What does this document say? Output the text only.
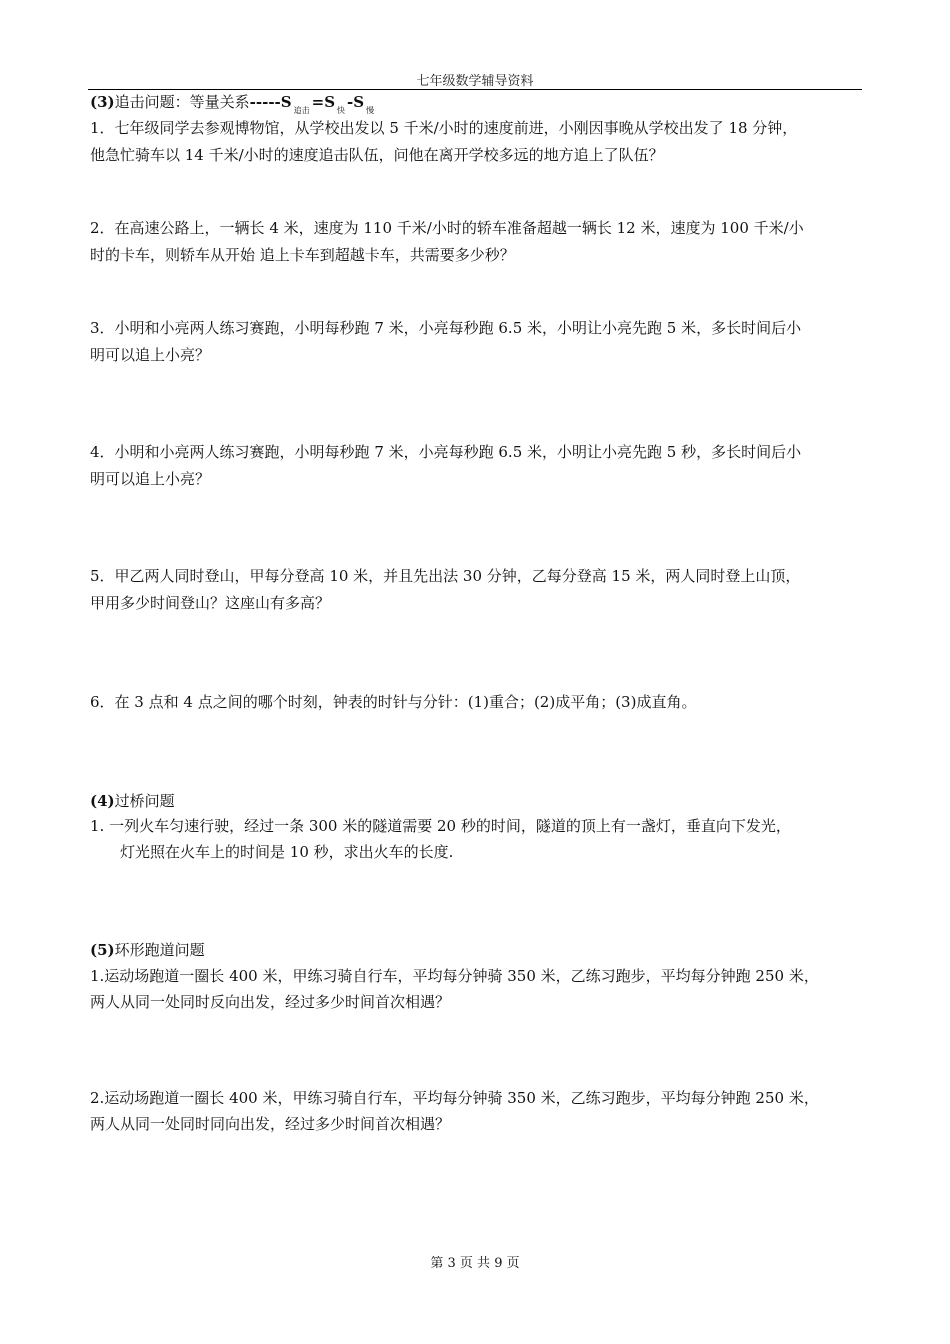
七年级数学辅导资料
(3)追击问题：等量关系-----S $_{追击}$ =S $_快$ -S $_慢$
1．七年级同学去参观博物馆，从学校出发以 5 千米/小时的速度前进，小刚因事晚从学校出发了 18 分钟，
他急忙骑车以 14 千米/小时的速度追击队伍，问他在离开学校多远的地方追上了队伍？
2．在高速公路上，一辆长 4 米，速度为 110 千米/小时的轿车准备超越一辆长 12 米，速度为 100 千米/小
时的卡车，则轿车从开始 追上卡车到超越卡车，共需要多少秒？
3．小明和小亮两人练习赛跑，小明每秒跑 7 米，小亮每秒跑 6.5 米，小明让小亮先跑 5 米，多长时间后小
明可以追上小亮？
4．小明和小亮两人练习赛跑，小明每秒跑 7 米，小亮每秒跑 6.5 米，小明让小亮先跑 5 秒，多长时间后小
明可以追上小亮？
5．甲乙两人同时登山，甲每分登高 10 米，并且先出法 30 分钟，乙每分登高 15 米，两人同时登上山顶，
甲用多少时间登山？这座山有多高？
6．在 3 点和 4 点之间的哪个时刻，钟表的时针与分针：(1)重合；(2)成平角；(3)成直角。
(4)过桥问题
1. 一列火车匀速行驶，经过一条 300 米的隧道需要 20 秒的时间，隧道的顶上有一盏灯，垂直向下发光，
灯光照在火车上的时间是 10 秒，求出火车的长度.
(5)环形跑道问题
1.运动场跑道一圈长 400 米，甲练习骑自行车，平均每分钟骑 350 米，乙练习跑步，平均每分钟跑 250 米，
两人从同一处同时反向出发，经过多少时间首次相遇？
2.运动场跑道一圈长 400 米，甲练习骑自行车，平均每分钟骑 350 米，乙练习跑步，平均每分钟跑 250 米，
两人从同一处同时同向出发，经过多少时间首次相遇？
第 3 页 共 9 页
